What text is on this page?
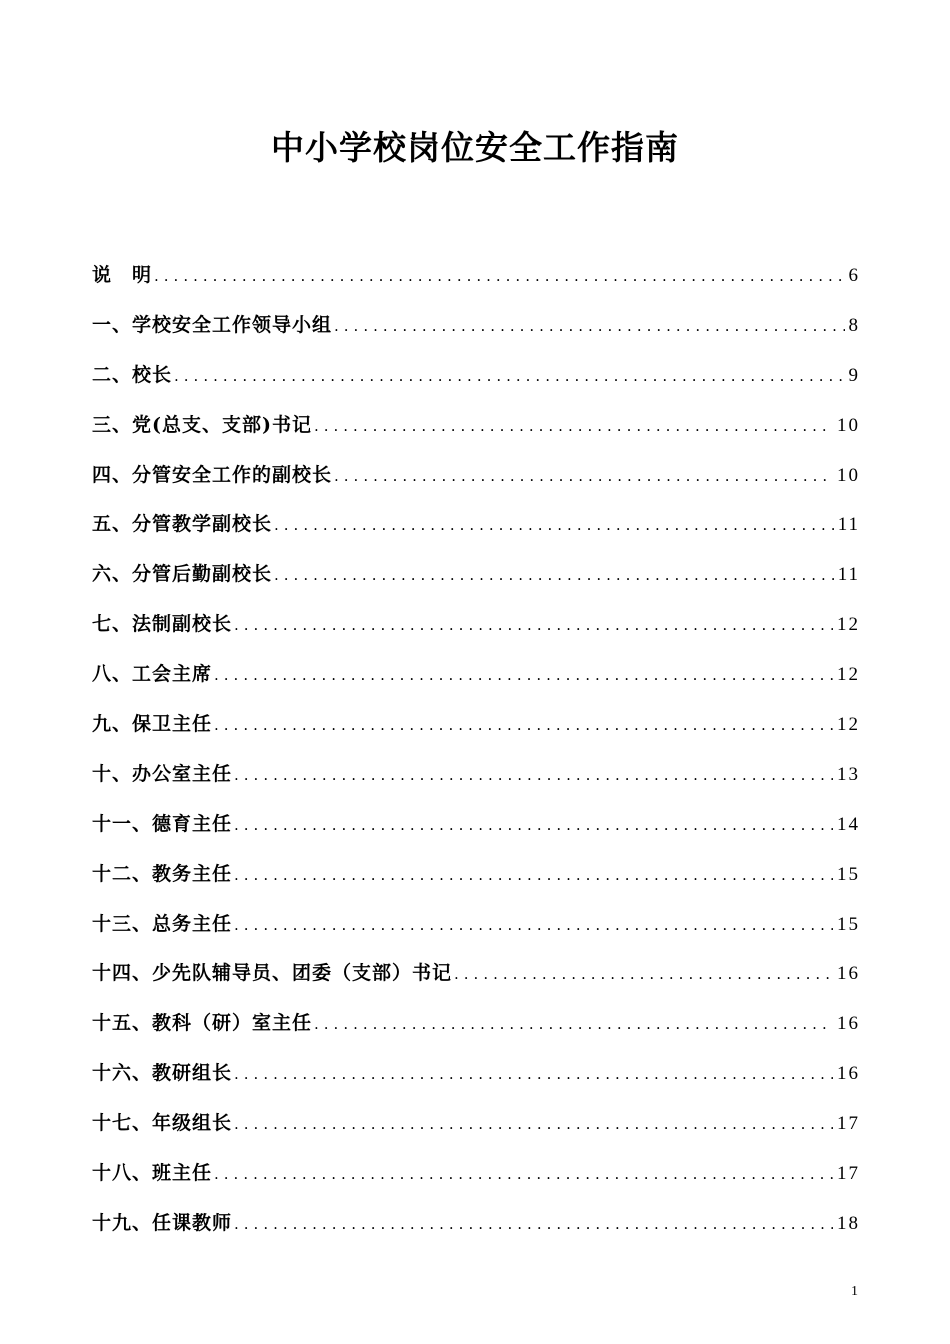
中小学校岗位安全工作指南
说　明 .....	6
一、学校安全工作领导小组 .....	8
二、校长 .....	9
三、党(总支、支部)书记 .....	10
四、分管安全工作的副校长 .....	10
五、分管教学副校长 .....	11
六、分管后勤副校长 .....	11
七、法制副校长 .....	12
八、工会主席 .....	12
九、保卫主任 .....	12
十、办公室主任 .....	13
十一、德育主任 .....	14
十二、教务主任 .....	15
十三、总务主任 .....	15
十四、少先队辅导员、团委（支部）书记 .....	16
十五、教科（研）室主任 .....	16
十六、教研组长 .....	16
十七、年级组长 .....	17
十八、班主任 .....	17
十九、任课教师 .....	18
1
